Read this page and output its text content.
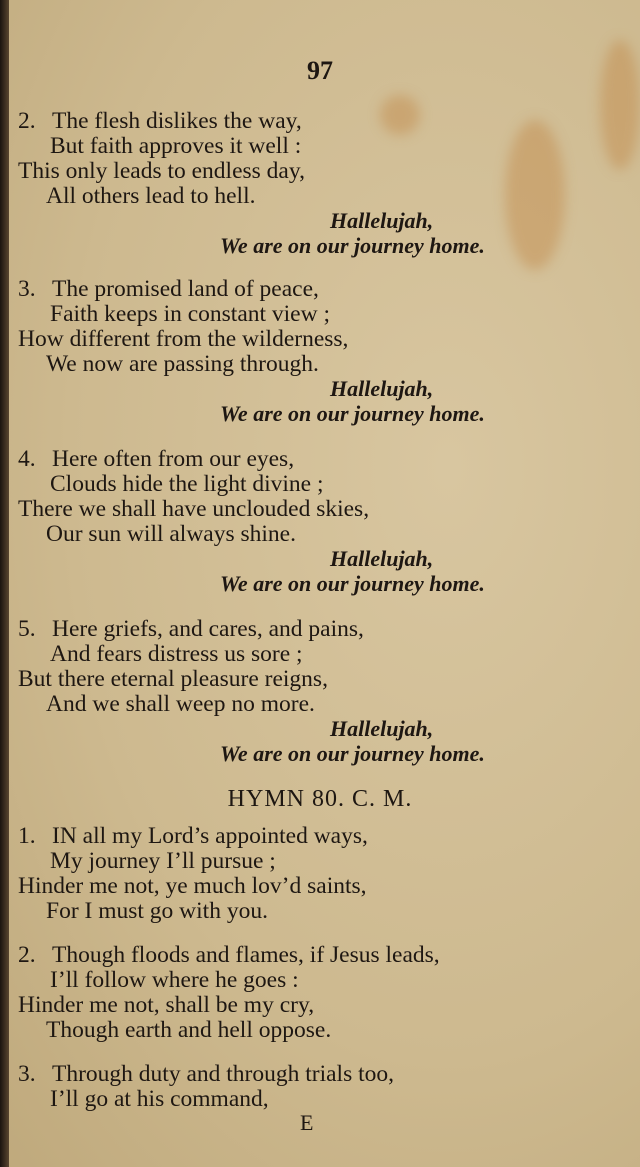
97
2. The flesh dislikes the way,
But faith approves it well :
This only leads to endless day,
All others lead to hell.
Hallelujah,
We are on our journey home.
3. The promised land of peace,
Faith keeps in constant view ;
How different from the wilderness,
We now are passing through.
Hallelujah,
We are on our journey home.
4. Here often from our eyes,
Clouds hide the light divine ;
There we shall have unclouded skies,
Our sun will always shine.
Hallelujah,
We are on our journey home.
5. Here griefs, and cares, and pains,
And fears distress us sore ;
But there eternal pleasure reigns,
And we shall weep no more.
Hallelujah,
We are on our journey home.
1. IN all my Lord’s appointed ways,
My journey I’ll pursue ;
Hinder me not, ye much lov’d saints,
For I must go with you.
2. Though floods and flames, if Jesus leads,
I’ll follow where he goes :
Hinder me not, shall be my cry,
Though earth and hell oppose.
3. Through duty and through trials too,
I’ll go at his command,
HYMN 80. C. M.
E
